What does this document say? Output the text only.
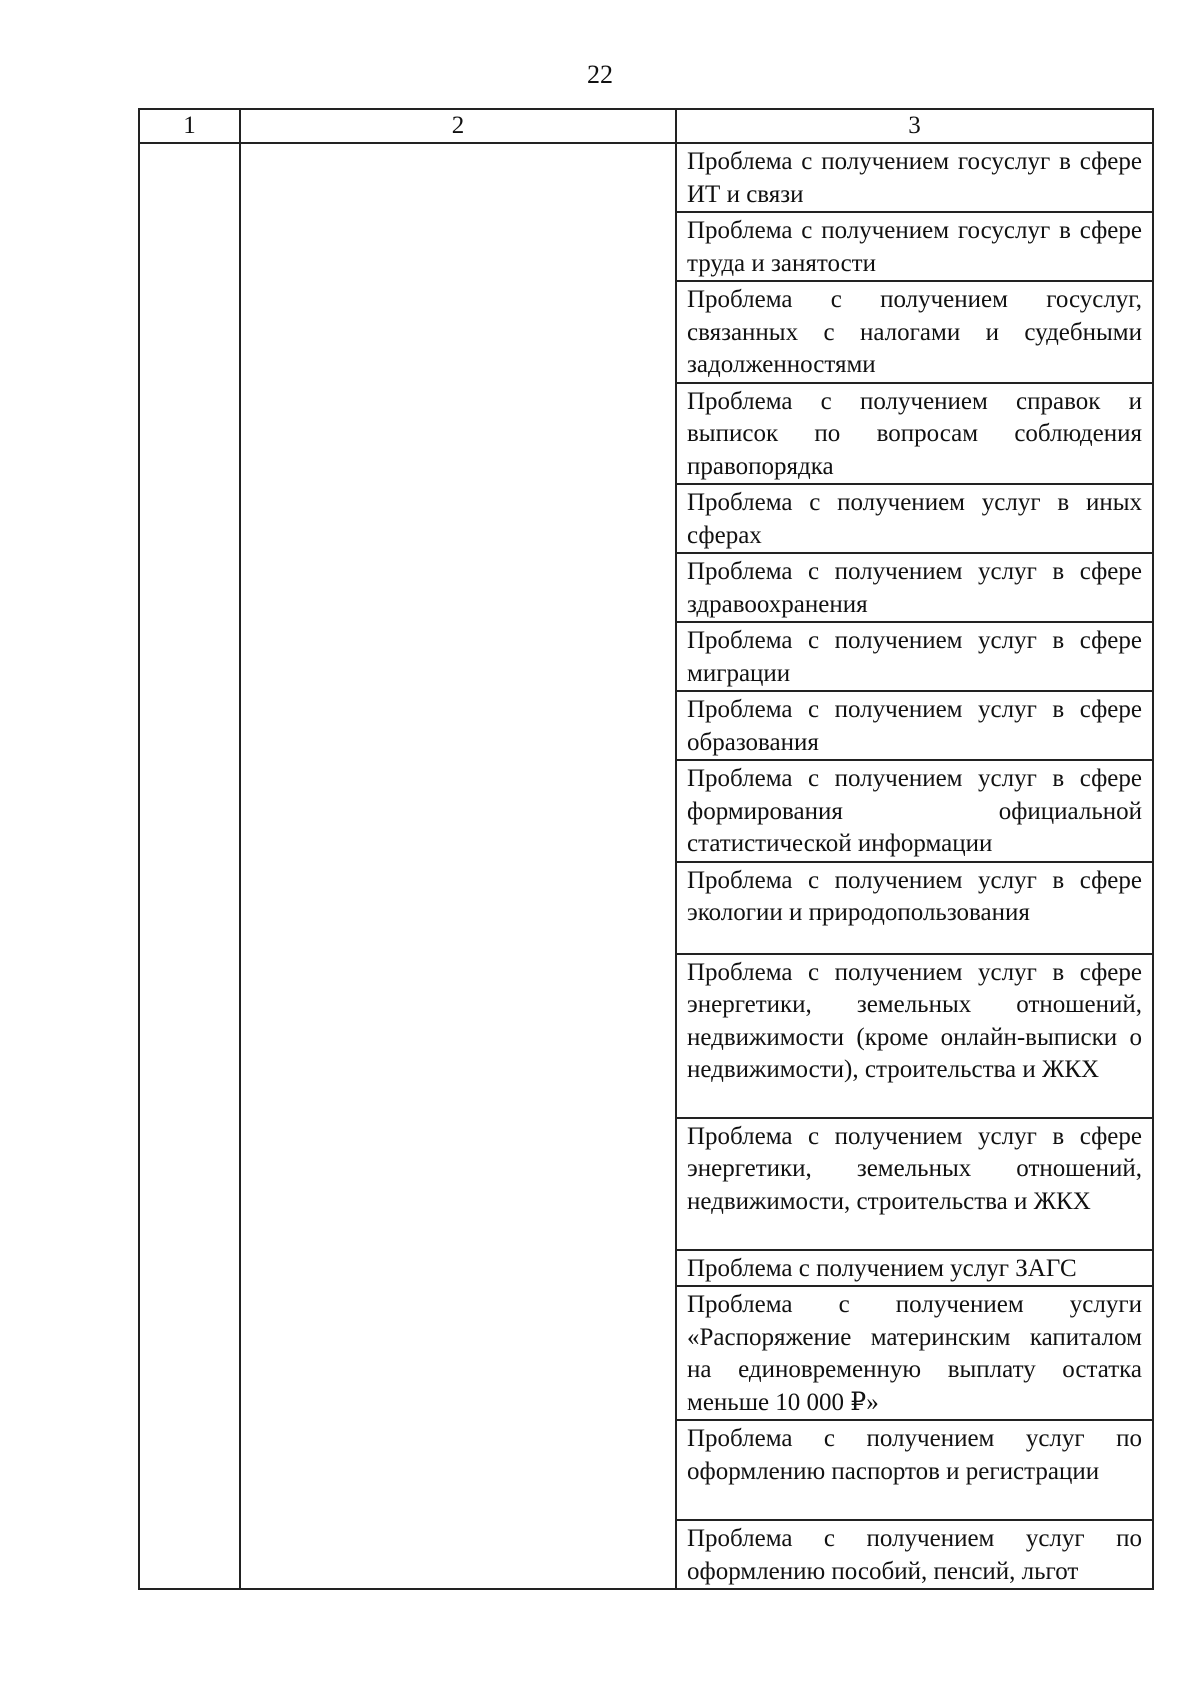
22
1	2	3
		Проблема с получением госуслуг в сфере ИТ и связи
		Проблема с получением госуслуг в сфере труда и занятости
		Проблема с получением госуслуг, связанных с налогами и судебными задолженностями
		Проблема с получением справок и выписок по вопросам соблюдения правопорядка
		Проблема с получением услуг в иных сферах
		Проблема с получением услуг в сфере здравоохранения
		Проблема с получением услуг в сфере миграции
		Проблема с получением услуг в сфере образования
		Проблема с получением услуг в сфере формирования официальной статистической информации
		Проблема с получением услуг в сфере экологии и природопользования
		Проблема с получением услуг в сфере энергетики, земельных отношений, недвижимости (кроме онлайн-выписки о недвижимости), строительства и ЖКХ
		Проблема с получением услуг в сфере энергетики, земельных отношений, недвижимости, строительства и ЖКХ
		Проблема с получением услуг ЗАГС
		Проблема с получением услуги «Распоряжение материнским капиталом на единовременную выплату остатка меньше 10 000 ₽»
		Проблема с получением услуг по оформлению паспортов и регистрации
		Проблема с получением услуг по оформлению пособий, пенсий, льгот
